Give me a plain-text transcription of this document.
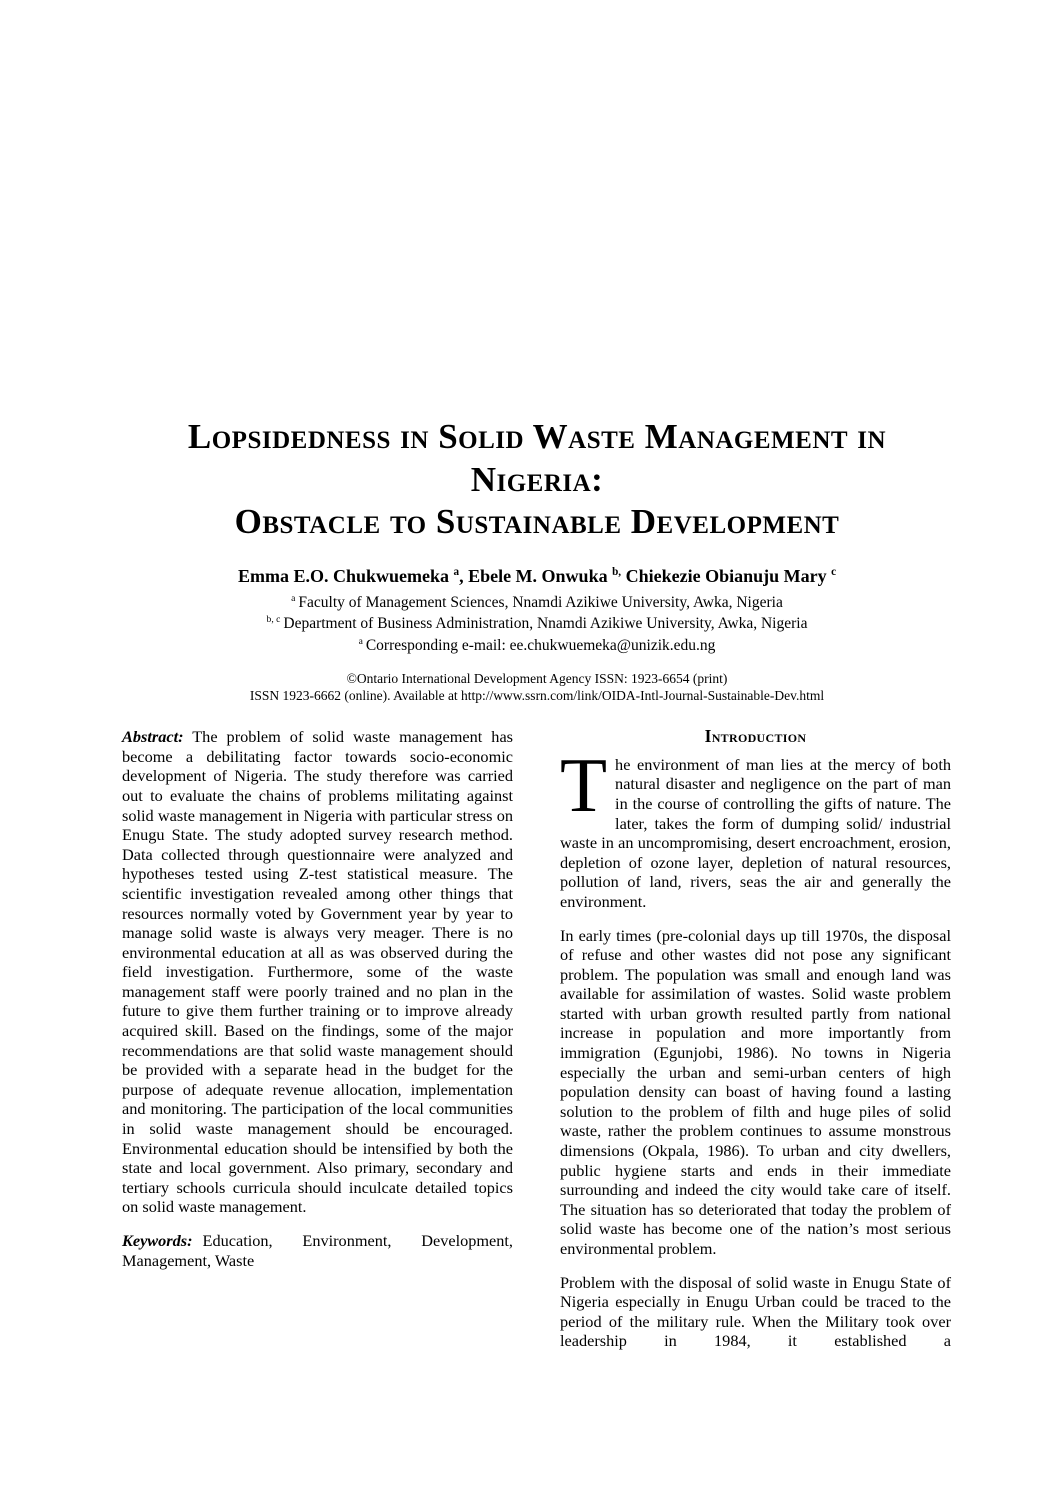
Lopsidedness in Solid Waste Management in Nigeria:
Obstacle to Sustainable Development
Emma E.O. Chukwuemeka $^a$, Ebele M. Onwuka $^{b,}$ Chiekezie Obianuju Mary $^c$
$^a$ Faculty of Management Sciences, Nnamdi Azikiwe University, Awka, Nigeria
$^{b, c}$ Department of Business Administration, Nnamdi Azikiwe University, Awka, Nigeria
$^a$ Corresponding e-mail: ee.chukwuemeka@unizik.edu.ng
©Ontario International Development Agency ISSN: 1923-6654 (print)
ISSN 1923-6662 (online). Available at http://www.ssrn.com/link/OIDA-Intl-Journal-Sustainable-Dev.html

Abstract: The problem of solid waste management has become a debilitating factor towards socio-economic development of Nigeria. The study therefore was carried out to evaluate the chains of problems militating against solid waste management in Nigeria with particular stress on Enugu State. The study adopted survey research method. Data collected through questionnaire were analyzed and hypotheses tested using Z-test statistical measure. The scientific investigation revealed among other things that resources normally voted by Government year by year to manage solid waste is always very meager. There is no environmental education at all as was observed during the field investigation. Furthermore, some of the waste management staff were poorly trained and no plan in the future to give them further training or to improve already acquired skill. Based on the findings, some of the major recommendations are that solid waste management should be provided with a separate head in the budget for the purpose of adequate revenue allocation, implementation and monitoring. The participation of the local communities in solid waste management should be encouraged. Environmental education should be intensified by both the state and local government. Also primary, secondary and tertiary schools curricula should inculcate detailed topics on solid waste management.

Keywords: Education, Environment, Development, Management, Waste

Introduction

The environment of man lies at the mercy of both natural disaster and negligence on the part of man in the course of controlling the gifts of nature. The later, takes the form of dumping solid/ industrial waste in an uncompromising, desert encroachment, erosion, depletion of ozone layer, depletion of natural resources, pollution of land, rivers, seas the air and generally the environment.

In early times (pre-colonial days up till 1970s, the disposal of refuse and other wastes did not pose any significant problem. The population was small and enough land was available for assimilation of wastes. Solid waste problem started with urban growth resulted partly from national increase in population and more importantly from immigration (Egunjobi, 1986). No towns in Nigeria especially the urban and semi-urban centers of high population density can boast of having found a lasting solution to the problem of filth and huge piles of solid waste, rather the problem continues to assume monstrous dimensions (Okpala, 1986). To urban and city dwellers, public hygiene starts and ends in their immediate surrounding and indeed the city would take care of itself. The situation has so deteriorated that today the problem of solid waste has become one of the nation’s most serious environmental problem.

Problem with the disposal of solid waste in Enugu State of Nigeria especially in Enugu Urban could be traced to the period of the military rule. When the Military took over leadership in 1984, it established a
